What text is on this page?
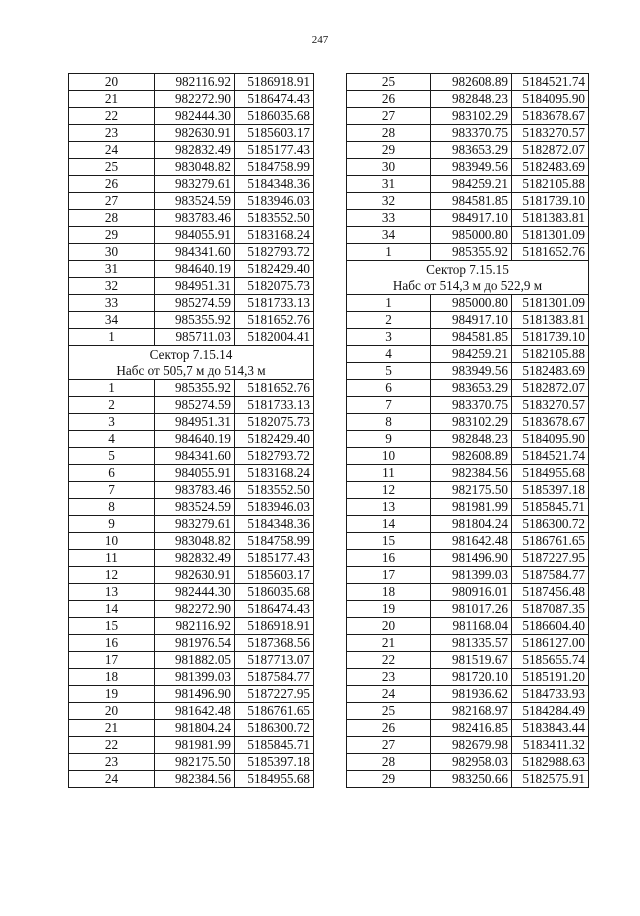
247
20	982116.92	5186918.91
21	982272.90	5186474.43
22	982444.30	5186035.68
23	982630.91	5185603.17
24	982832.49	5185177.43
25	983048.82	5184758.99
26	983279.61	5184348.36
27	983524.59	5183946.03
28	983783.46	5183552.50
29	984055.91	5183168.24
30	984341.60	5182793.72
31	984640.19	5182429.40
32	984951.31	5182075.73
33	985274.59	5181733.13
34	985355.92	5181652.76
1	985711.03	5182004.41
Сектор 7.15.14		
Набс от 505,7 м до 514,3 м		
1	985355.92	5181652.76
2	985274.59	5181733.13
3	984951.31	5182075.73
4	984640.19	5182429.40
5	984341.60	5182793.72
6	984055.91	5183168.24
7	983783.46	5183552.50
8	983524.59	5183946.03
9	983279.61	5184348.36
10	983048.82	5184758.99
11	982832.49	5185177.43
12	982630.91	5185603.17
13	982444.30	5186035.68
14	982272.90	5186474.43
15	982116.92	5186918.91
16	981976.54	5187368.56
17	981882.05	5187713.07
18	981399.03	5187584.77
19	981496.90	5187227.95
20	981642.48	5186761.65
21	981804.24	5186300.72
22	981981.99	5185845.71
23	982175.50	5185397.18
24	982384.56	5184955.68
25	982608.89	5184521.74
26	982848.23	5184095.90
27	983102.29	5183678.67
28	983370.75	5183270.57
29	983653.29	5182872.07
30	983949.56	5182483.69
31	984259.21	5182105.88
32	984581.85	5181739.10
33	984917.10	5181383.81
34	985000.80	5181301.09
1	985355.92	5181652.76
Сектор 7.15.15		
Набс от 514,3 м до 522,9 м		
1	985000.80	5181301.09
2	984917.10	5181383.81
3	984581.85	5181739.10
4	984259.21	5182105.88
5	983949.56	5182483.69
6	983653.29	5182872.07
7	983370.75	5183270.57
8	983102.29	5183678.67
9	982848.23	5184095.90
10	982608.89	5184521.74
11	982384.56	5184955.68
12	982175.50	5185397.18
13	981981.99	5185845.71
14	981804.24	5186300.72
15	981642.48	5186761.65
16	981496.90	5187227.95
17	981399.03	5187584.77
18	980916.01	5187456.48
19	981017.26	5187087.35
20	981168.04	5186604.40
21	981335.57	5186127.00
22	981519.67	5185655.74
23	981720.10	5185191.20
24	981936.62	5184733.93
25	982168.97	5184284.49
26	982416.85	5183843.44
27	982679.98	5183411.32
28	982958.03	5182988.63
29	983250.66	5182575.91
